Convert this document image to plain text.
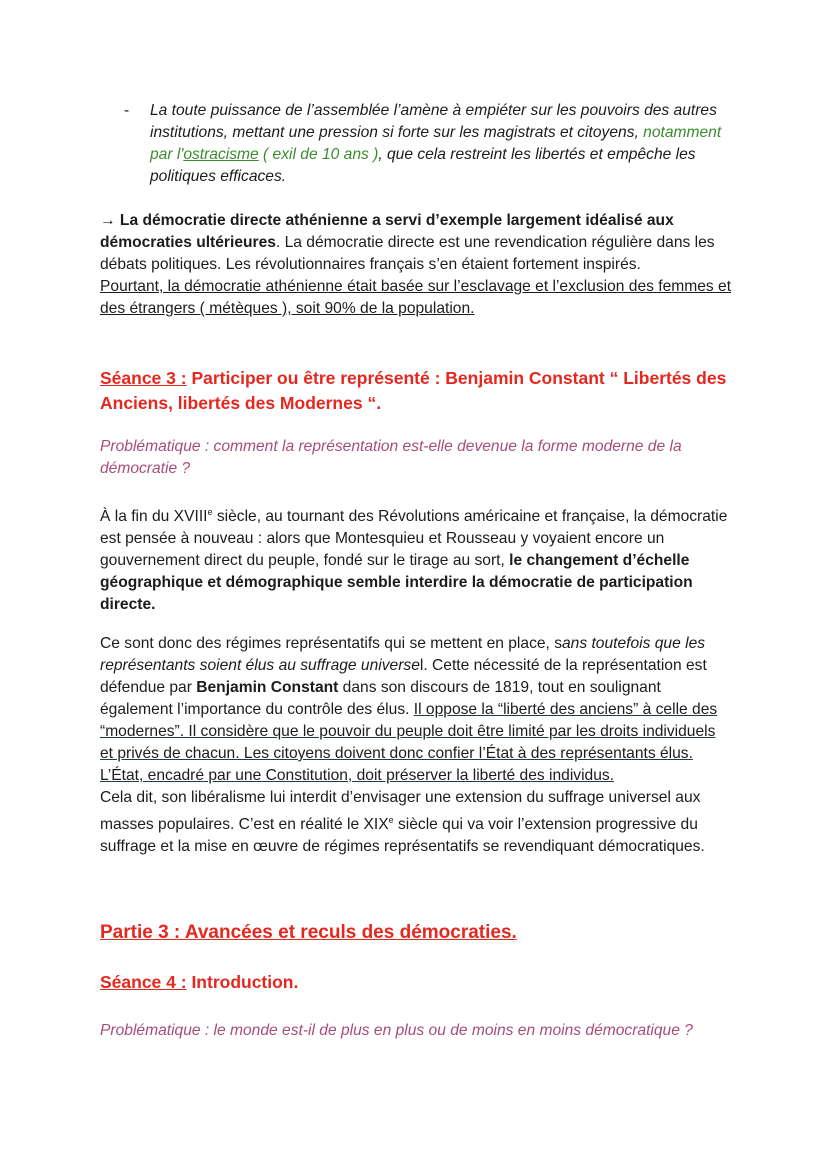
- La toute puissance de l’assemblée l’amène à empiéter sur les pouvoirs des autres institutions, mettant une pression si forte sur les magistrats et citoyens, notamment par l'ostracisme ( exil de 10 ans ), que cela restreint les libertés et empêche les politiques efficaces.

→ La démocratie directe athénienne a servi d’exemple largement idéalisé aux démocraties ultérieures. La démocratie directe est une revendication régulière dans les débats politiques. Les révolutionnaires français s’en étaient fortement inspirés.
Pourtant, la démocratie athénienne était basée sur l’esclavage et l’exclusion des femmes et des étrangers ( métèques ), soit 90% de la population.

Séance 3 : Participer ou être représenté : Benjamin Constant “ Libertés des Anciens, libertés des Modernes “.

Problématique : comment la représentation est-elle devenue la forme moderne de la démocratie ?

À la fin du XVIIIe siècle, au tournant des Révolutions américaine et française, la démocratie est pensée à nouveau : alors que Montesquieu et Rousseau y voyaient encore un gouvernement direct du peuple, fondé sur le tirage au sort, le changement d’échelle géographique et démographique semble interdire la démocratie de participation directe.

Ce sont donc des régimes représentatifs qui se mettent en place, sans toutefois que les représentants soient élus au suffrage universel. Cette nécessité de la représentation est défendue par Benjamin Constant dans son discours de 1819, tout en soulignant également l’importance du contrôle des élus. Il oppose la “liberté des anciens” à celle des “modernes”. Il considère que le pouvoir du peuple doit être limité par les droits individuels et privés de chacun. Les citoyens doivent donc confier l’État à des représentants élus. L’État, encadré par une Constitution, doit préserver la liberté des individus.
Cela dit, son libéralisme lui interdit d’envisager une extension du suffrage universel aux masses populaires. C’est en réalité le XIXe siècle qui va voir l’extension progressive du suffrage et la mise en œuvre de régimes représentatifs se revendiquant démocratiques.

Partie 3 : Avancées et reculs des démocraties.

Séance 4 : Introduction.

Problématique : le monde est-il de plus en plus ou de moins en moins démocratique ?
